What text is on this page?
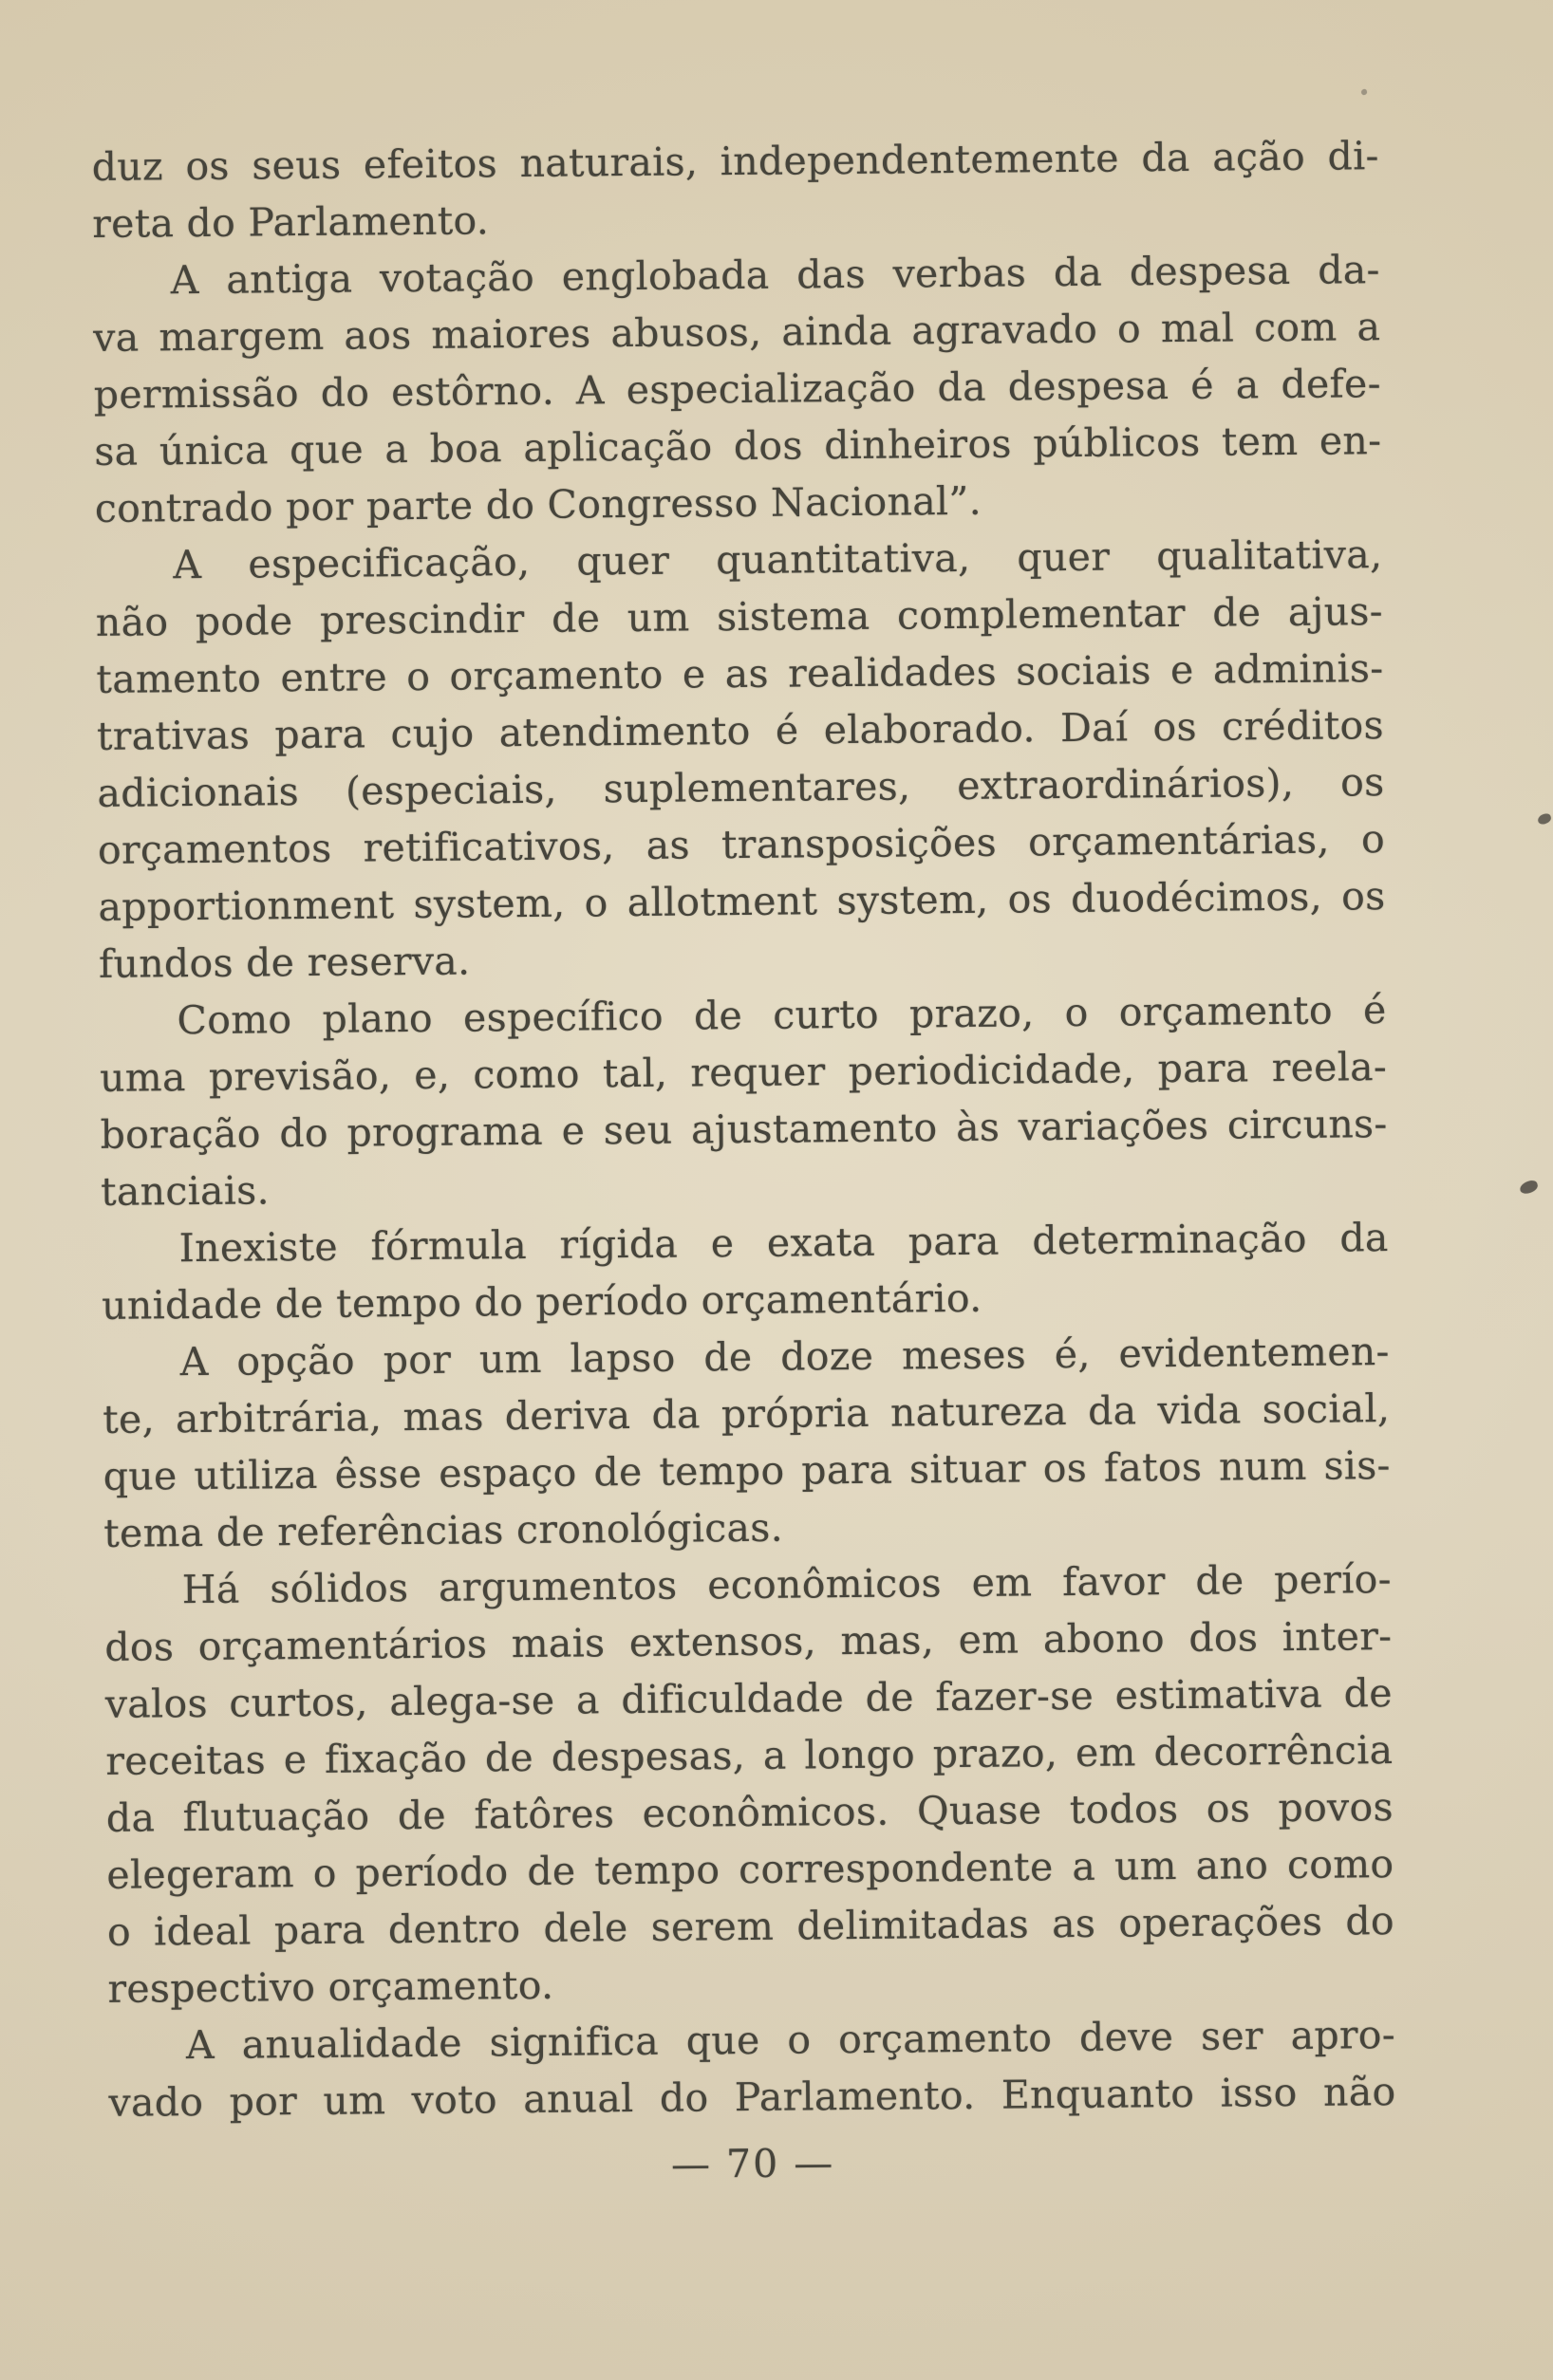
duz os seus efeitos naturais, independentemente da ação di-
reta do Parlamento.
A antiga votação englobada das verbas da despesa da-
va margem aos maiores abusos, ainda agravado o mal com a
permissão do estôrno. A especialização da despesa é a defe-
sa única que a boa aplicação dos dinheiros públicos tem en-
contrado por parte do Congresso Nacional”.
A especificação, quer quantitativa, quer qualitativa,
não pode prescindir de um sistema complementar de ajus-
tamento entre o orçamento e as realidades sociais e adminis-
trativas para cujo atendimento é elaborado. Daí os créditos
adicionais (especiais, suplementares, extraordinários), os
orçamentos retificativos, as transposições orçamentárias, o
apportionment system, o allotment system, os duodécimos, os
fundos de reserva.
Como plano específico de curto prazo, o orçamento é
uma previsão, e, como tal, requer periodicidade, para reela-
boração do programa e seu ajustamento às variações circuns-
tanciais.
Inexiste fórmula rígida e exata para determinação da
unidade de tempo do período orçamentário.
A opção por um lapso de doze meses é, evidentemen-
te, arbitrária, mas deriva da própria natureza da vida social,
que utiliza êsse espaço de tempo para situar os fatos num sis-
tema de referências cronológicas.
Há sólidos argumentos econômicos em favor de perío-
dos orçamentários mais extensos, mas, em abono dos inter-
valos curtos, alega-se a dificuldade de fazer-se estimativa de
receitas e fixação de despesas, a longo prazo, em decorrência
da flutuação de fatôres econômicos. Quase todos os povos
elegeram o período de tempo correspondente a um ano como
o ideal para dentro dele serem delimitadas as operações do
respectivo orçamento.
A anualidade significa que o orçamento deve ser apro-
vado por um voto anual do Parlamento. Enquanto isso não
— 70 —
